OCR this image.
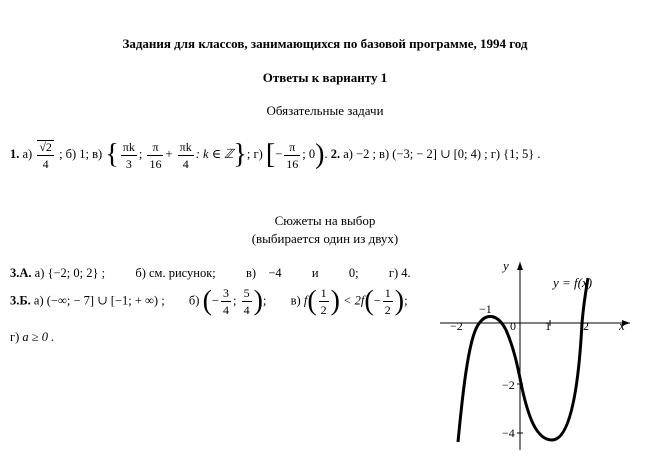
Задания для классов, занимающихся по базовой программе, 1994 год
Ответы к варианту 1
Обязательные задачи
1. $а) \frac{√2}{4}$ ; б) 1; в) { $\frac{\pi k}{3}$ ; $\frac{\pi}{16} + \frac{\pi k}{4}$ : k ∈ ℤ}; г) [− $\frac{\pi}{16}$ ; 0). 2. а) −2 ; в) (−3; − 2] ∪ [0; 4) ; г) {1; 5} .
Сюжеты на выбор
(выбирается один из двух)
3.А. а) {−2; 0; 2} ; б) см. рисунок; в) −4 и 0; г) 4.
3.Б. а) (−∞; − 7] ∪ [−1; + ∞) ; б) (− $\frac{3}{4}$ ; $\frac{5}{4}$ );  в) $f( \frac{1}{2}$ ) < $2f(- \frac{1}{2}$ );
г) a ≥ 0 .
y
x
y = f(x)
−2	0 1	2
−1
−2
−4
